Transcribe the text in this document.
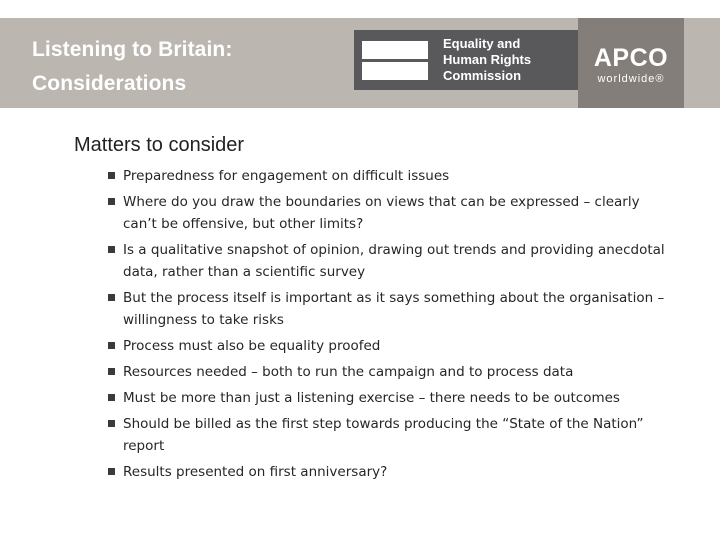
Listening to Britain:
Considerations
Equality and
Human Rights
Commission
APCO
worldwide®
Matters to consider
Preparedness for engagement on difficult issues
Where do you draw the boundaries on views that can be expressed – clearly can’t be offensive, but other limits?
Is a qualitative snapshot of opinion, drawing out trends and providing anecdotal data, rather than a scientific survey
But the process itself is important as it says something about the organisation – willingness to take risks
Process must also be equality proofed
Resources needed – both to run the campaign and to process data
Must be more than just a listening exercise – there needs to be outcomes
Should be billed as the first step towards producing the “State of the Nation” report
Results presented on first anniversary?
